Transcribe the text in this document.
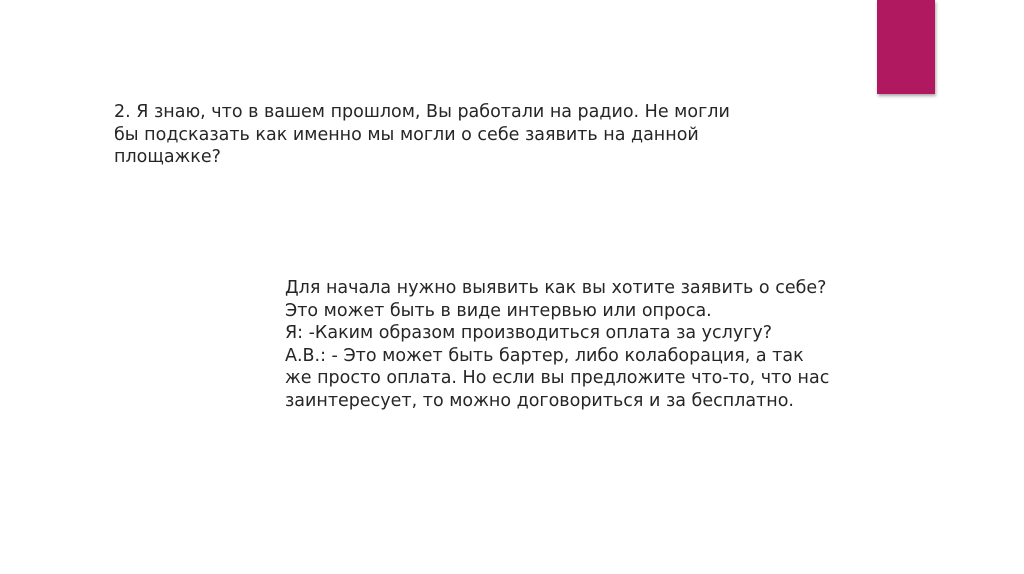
2. Я знаю, что в вашем прошлом, Вы работали на радио. Не могли

бы подсказать как именно мы могли о себе заявить на данной

площажке?

Для начала нужно выявить как вы хотите заявить о себе?

Это может быть в виде интервью или опроса.

Я: -Каким образом производиться оплата за услугу?

А.В.: - Это может быть бартер, либо колаборация, а так

же просто оплата. Но если вы предложите что-то, что нас

заинтересует, то можно договориться и за бесплатно.
